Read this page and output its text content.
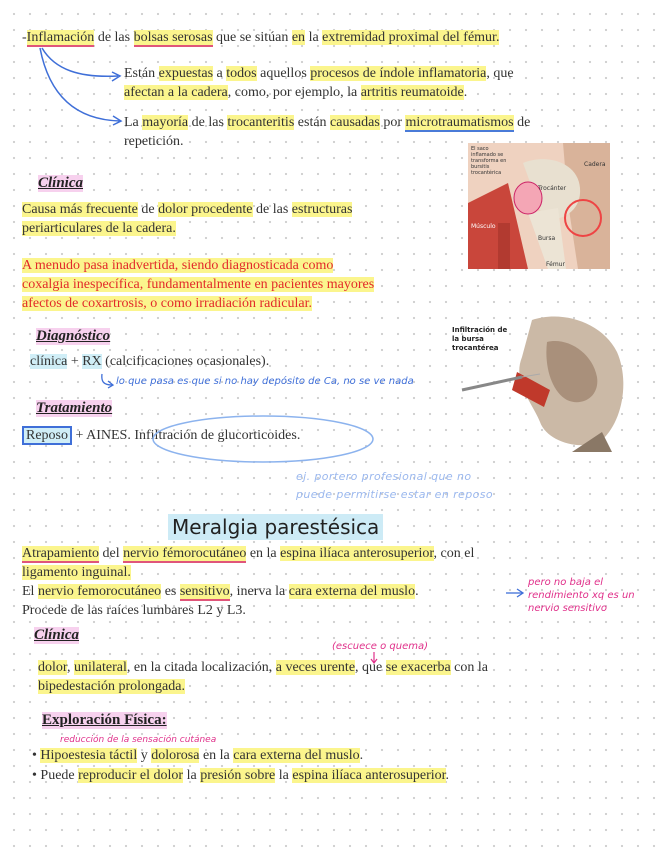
-Inflamación de las bolsas serosas que se sitúan en la extremidad proximal del fémur.
Están expuestas a todos aquellos procesos de índole inflamatoria, que
afectan a la cadera, como, por ejemplo, la artritis reumatoide.
La mayoría de las trocanteritis están causadas por microtraumatismos de
repetición.	El saco inflamado se transforma en bursitis trocantérica
Cadera
Trocánter
Músculo
Bursa
Fémur
Clínica
Causa más frecuente de dolor procedente de las estructuras
periarticulares de la cadera.
A menudo pasa inadvertida, siendo diagnosticada como
coxalgia inespecífica, fundamentalmente en pacientes mayores
afectos de coxartrosis, o como irradiación radicular.
Infiltración de
la bursa
trocantérea
Diagnóstico
clínica + RX (calcificaciones ocasionales).
lo que pasa es que si no hay depósito de Ca, no se ve nada
Tratamiento
Reposo + AINES. Infiltración de glucorticoides.
ej. portero profesional que no
puede permitirse estar en reposo
Meralgia parestésica
Atrapamiento del nervio fémorocutáneo en la espina ilíaca anterosuperior, con el
ligamento inguinal.
El nervio femorocutáneo es sensitivo, inerva la cara externa del muslo.
Procede de las raíces lumbares L2 y L3.
pero no baja el
rendimiento xq es un
nervio sensitivo
Clínica
(escuece o quema)
dolor, unilateral, en la citada localización, a veces urente, que se exacerba con la
bipedestación prolongada.
Exploración Física:
reducción de la sensación cutánea
• Hipoestesia táctil y dolorosa en la cara externa del muslo.
• Puede reproducir el dolor la presión sobre la espina ilíaca anterosuperior.
